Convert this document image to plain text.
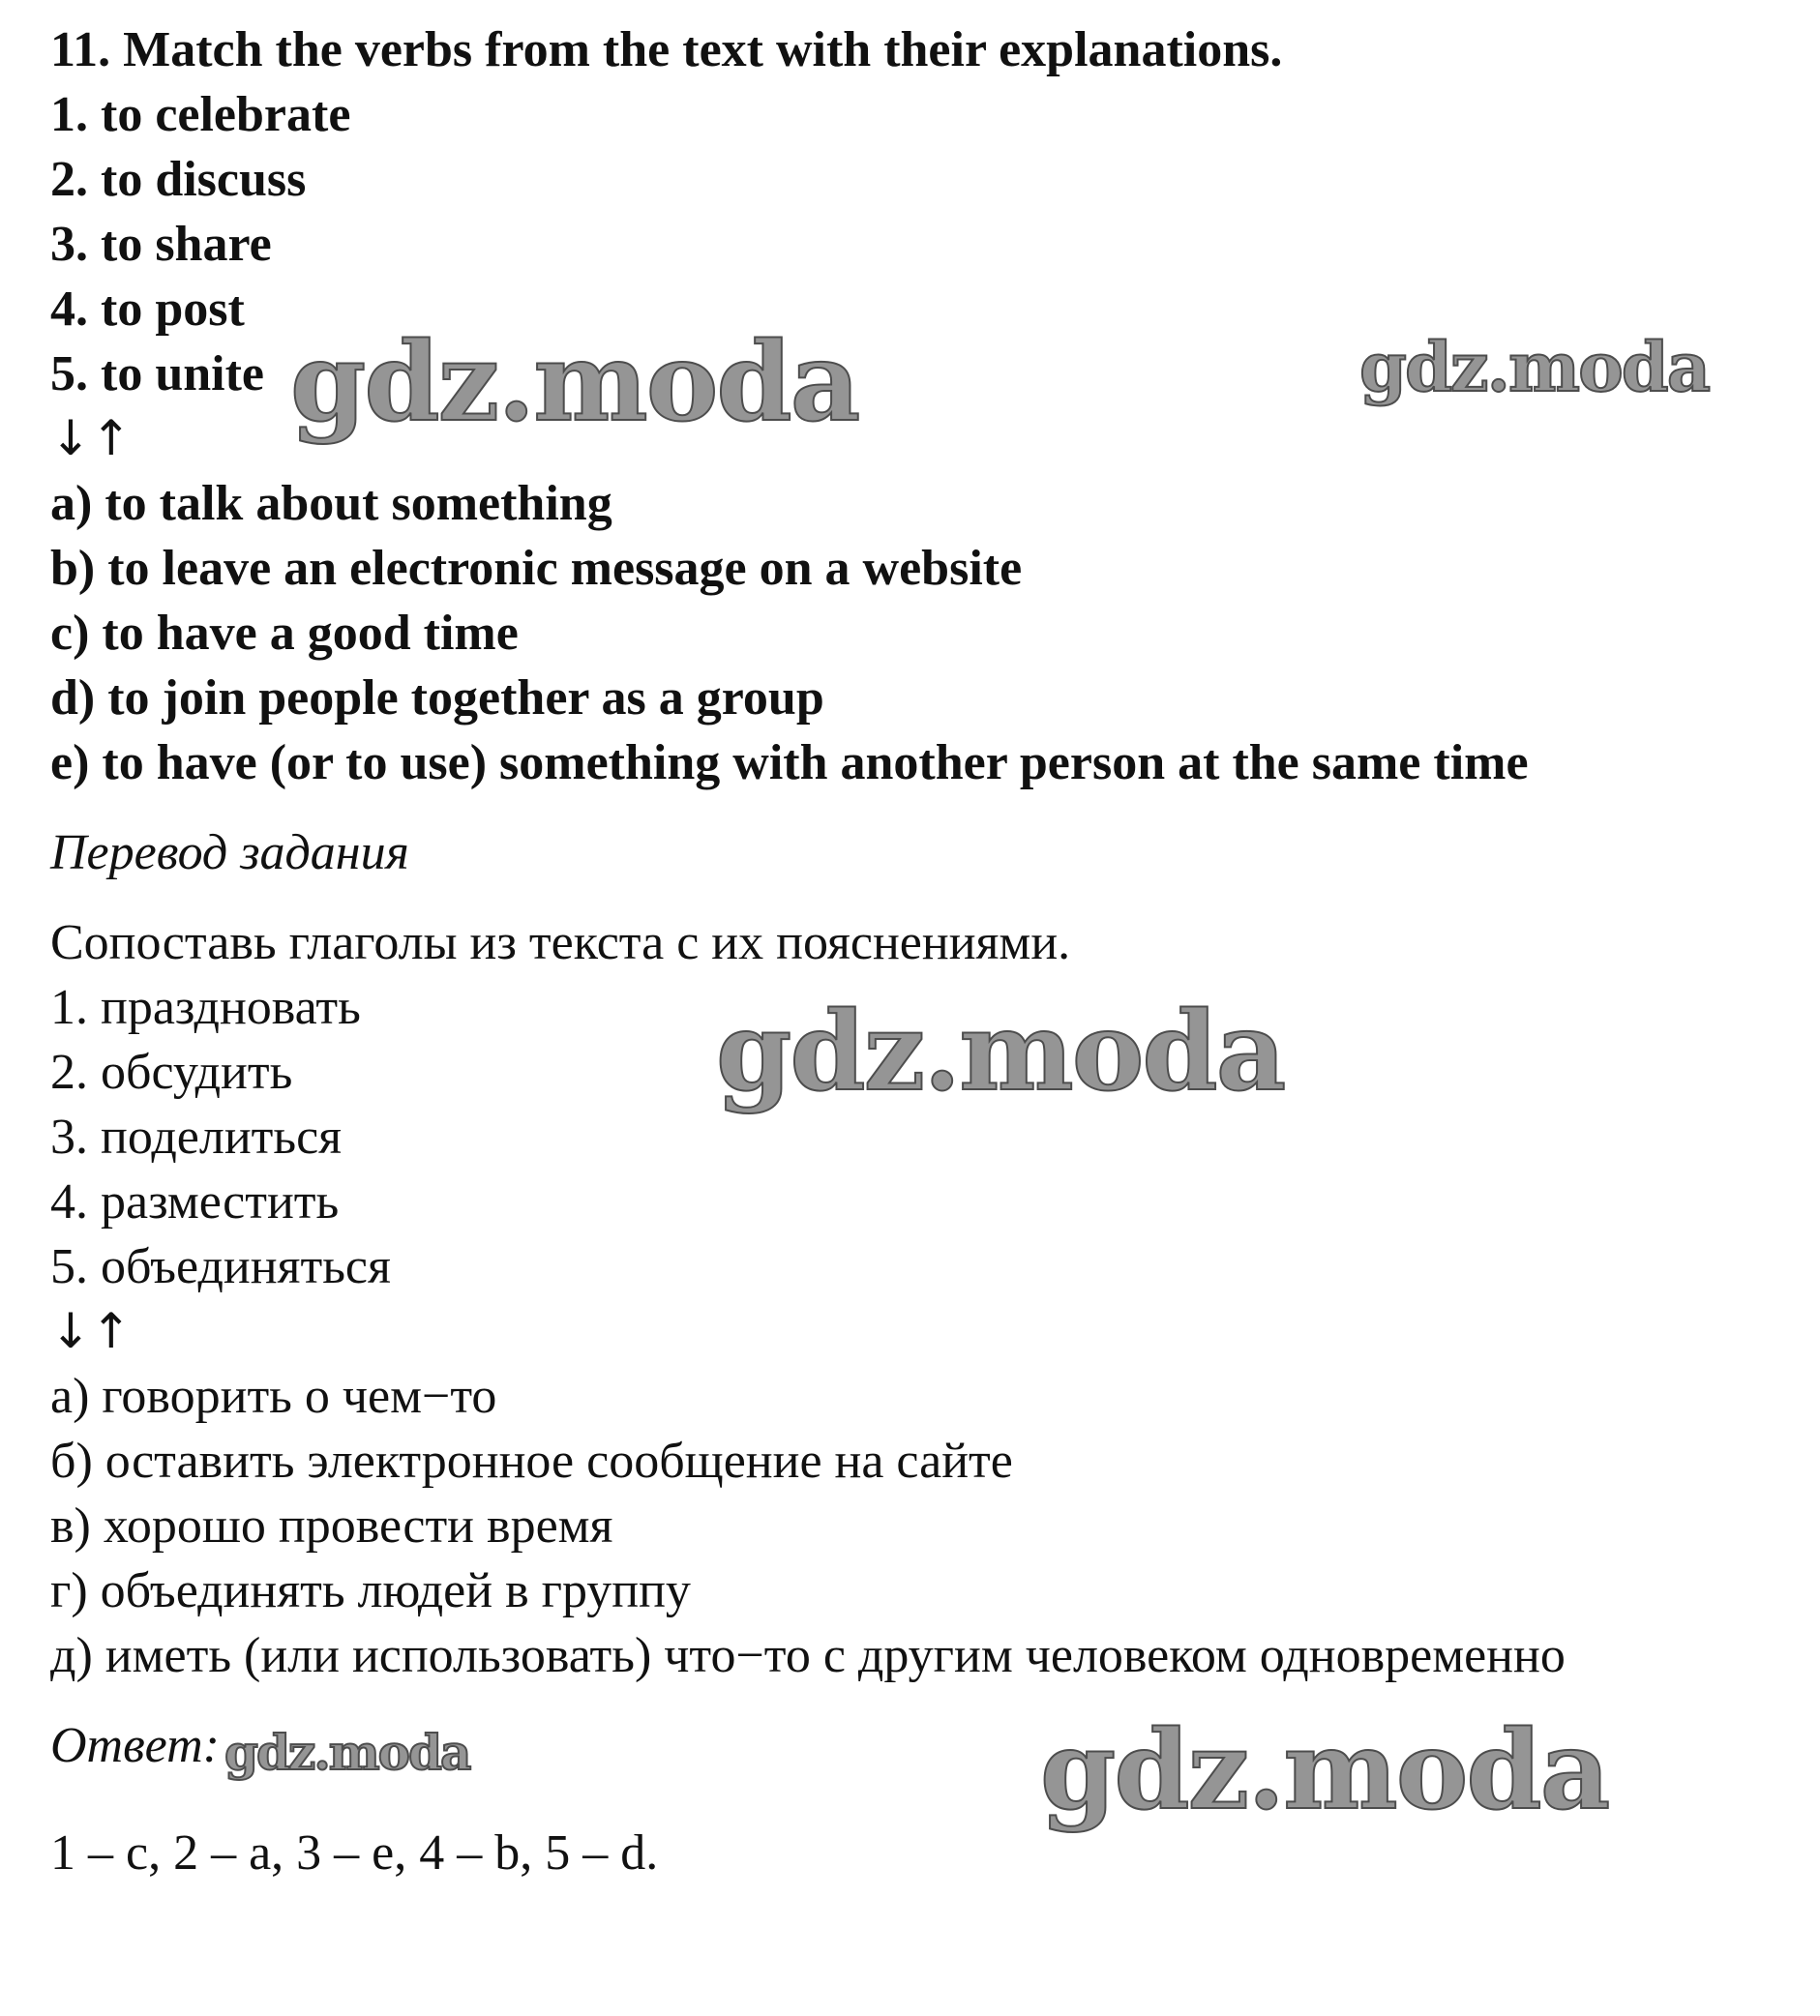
11. Match the verbs from the text with their explanations.
1. to celebrate
2. to discuss
3. to share
4. to post
5. to unite
↓↑
a) to talk about something
b) to leave an electronic message on a website
c) to have a good time
d) to join people together as a group
e) to have (or to use) something with another person at the same time
Перевод задания
Сопоставь глаголы из текста с их пояснениями.
1. праздновать
2. обсудить
3. поделиться
4. разместить
5. объединяться
↓↑
а) говорить о чем−то
б) оставить электронное сообщение на сайте
в) хорошо провести время
г) объединять людей в группу
д) иметь (или использовать) что−то с другим человеком одновременно
Ответ:
1 – c, 2 – a, 3 – e, 4 – b, 5 – d.
gdz.moda	gdz.moda
gdz.moda
gdz.moda	gdz.moda
